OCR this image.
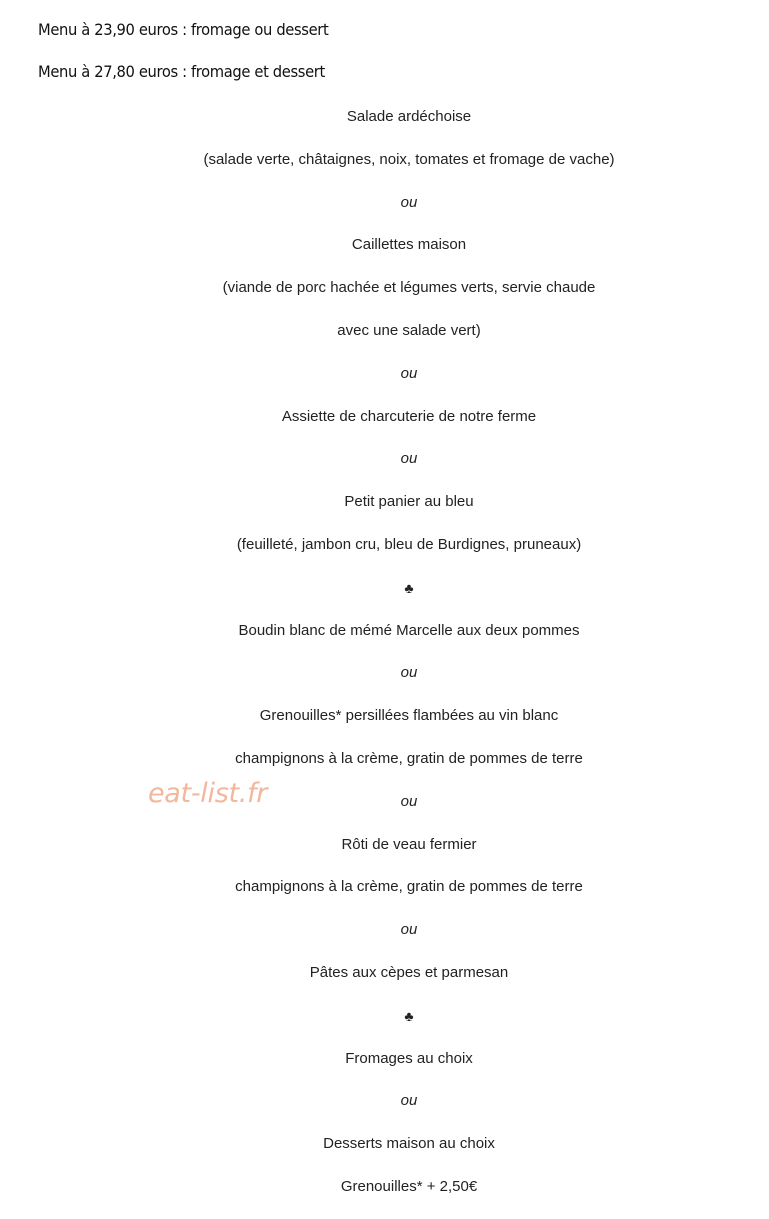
Menu à 23,90 euros : fromage ou dessert
Menu à 27,80 euros : fromage et dessert
Salade ardéchoise
(salade verte, châtaignes, noix, tomates et fromage de vache)
ou
Caillettes maison
(viande de porc hachée et légumes verts, servie chaude
avec une salade vert)
ou
Assiette de charcuterie de notre ferme
ou
Petit panier au bleu
(feuilleté, jambon cru, bleu de Burdignes, pruneaux)
♣
Boudin blanc de mémé Marcelle aux deux pommes
ou
Grenouilles* persillées flambées au vin blanc
champignons à la crème, gratin de pommes de terre
ou
Rôti de veau fermier
champignons à la crème, gratin de pommes de terre
ou
Pâtes aux cèpes et parmesan
♣
Fromages au choix
ou
Desserts maison au choix
Grenouilles* + 2,50€
eat-list.fr
